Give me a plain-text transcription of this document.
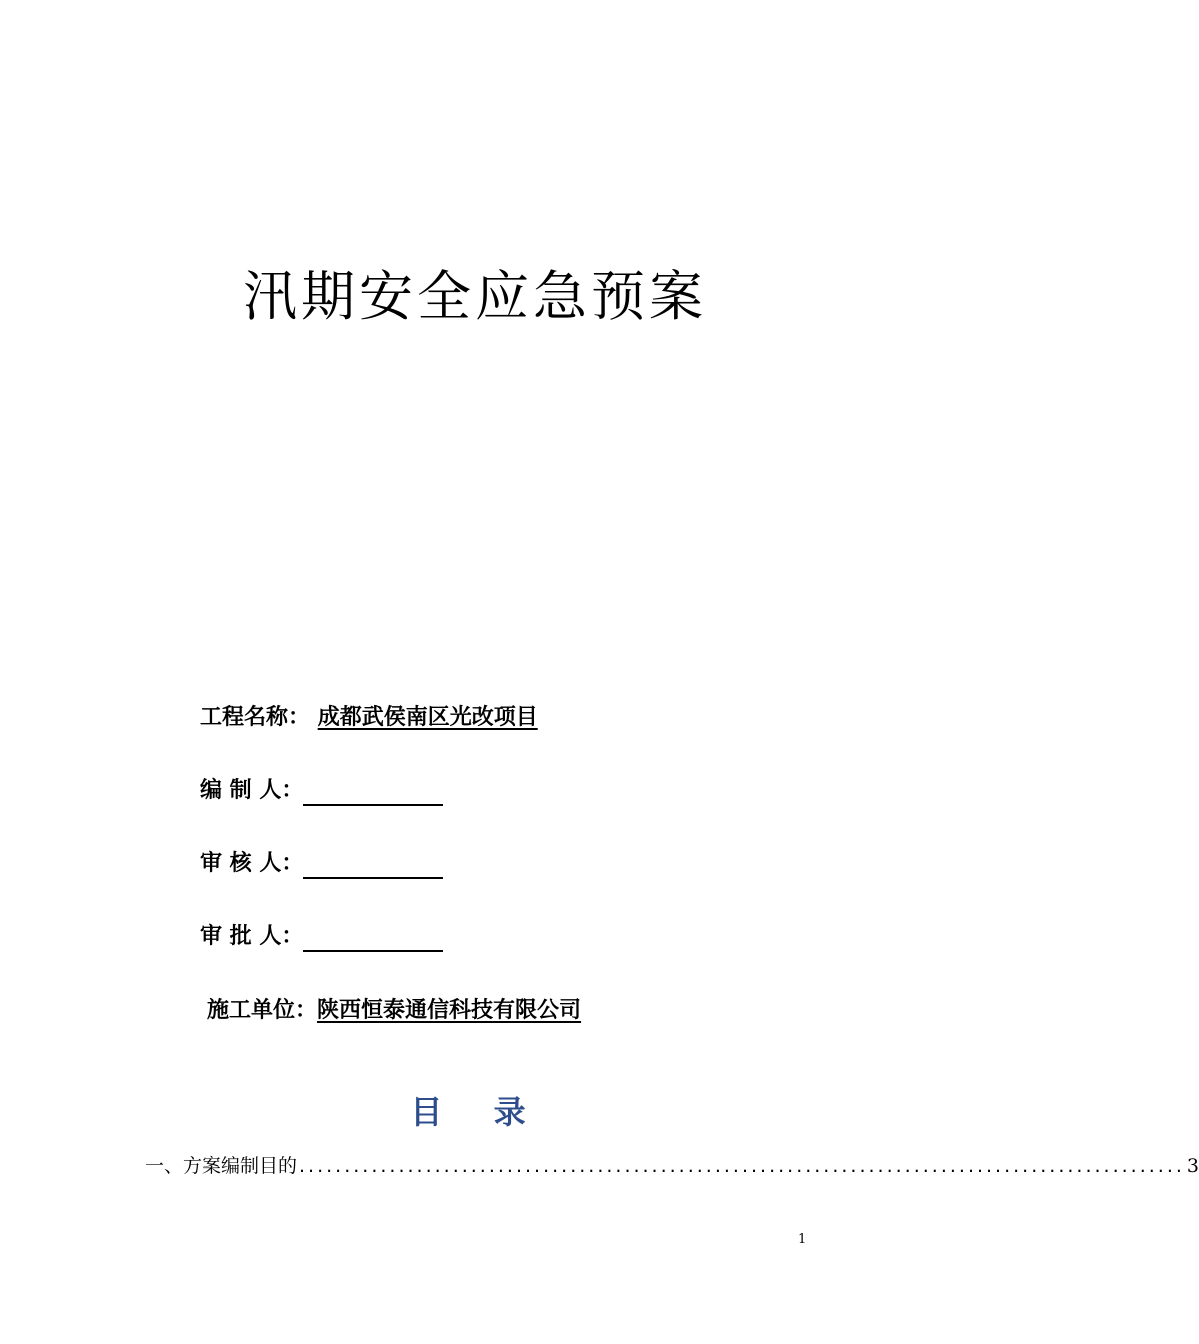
汛期安全应急预案
工程名称： 成都武侯南区光改项目
编 制 人：
审 核 人：
审 批 人：
施工单位：陕西恒泰通信科技有限公司
目 录
一、方案编制目的 .................................................................................................. 3
1
